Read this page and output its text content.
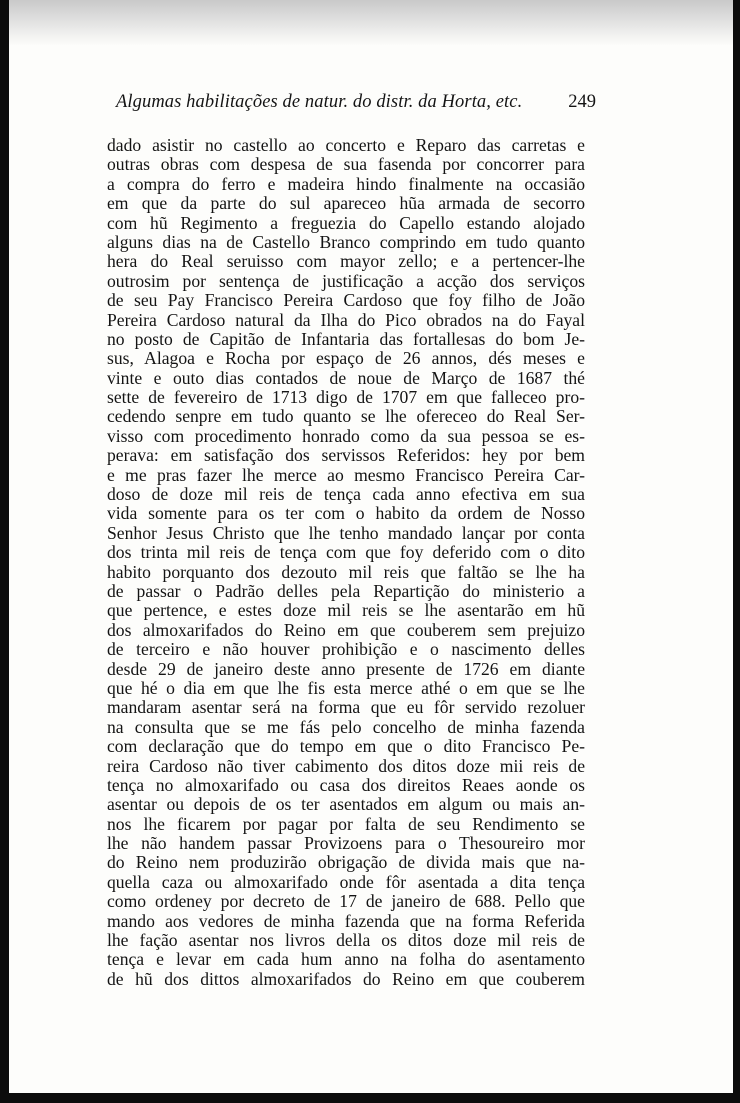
Algumas habilitações de natur. do distr. da Horta, etc. 249
dado asistir no castello ao concerto e Reparo das carretas e
outras obras com despesa de sua fasenda por concorrer para
a compra do ferro e madeira hindo finalmente na occasião
em que da parte do sul apareceo hũa armada de secorro
com hũ Regimento a freguezia do Capello estando alojado
alguns dias na de Castello Branco comprindo em tudo quanto
hera do Real seruisso com mayor zello; e a pertencer-lhe
outrosim por sentença de justificação a acção dos serviços
de seu Pay Francisco Pereira Cardoso que foy filho de João
Pereira Cardoso natural da Ilha do Pico obrados na do Fayal
no posto de Capitão de Infantaria das fortallesas do bom Je-
sus, Alagoa e Rocha por espaço de 26 annos, dés meses e
vinte e outo dias contados de noue de Março de 1687 thé
sette de fevereiro de 1713 digo de 1707 em que falleceo pro-
cedendo senpre em tudo quanto se lhe ofereceo do Real Ser-
visso com procedimento honrado como da sua pessoa se es-
perava: em satisfação dos servissos Referidos: hey por bem
e me pras fazer lhe merce ao mesmo Francisco Pereira Car-
doso de doze mil reis de tença cada anno efectiva em sua
vida somente para os ter com o habito da ordem de Nosso
Senhor Jesus Christo que lhe tenho mandado lançar por conta
dos trinta mil reis de tença com que foy deferido com o dito
habito porquanto dos dezouto mil reis que faltão se lhe ha
de passar o Padrão delles pela Repartição do ministerio a
que pertence, e estes doze mil reis se lhe asentarão em hũ
dos almoxarifados do Reino em que couberem sem prejuizo
de terceiro e não houver prohibição e o nascimento delles
desde 29 de janeiro deste anno presente de 1726 em diante
que hé o dia em que lhe fis esta merce athé o em que se lhe
mandaram asentar será na forma que eu fôr servido rezoluer
na consulta que se me fás pelo concelho de minha fazenda
com declaração que do tempo em que o dito Francisco Pe-
reira Cardoso não tiver cabimento dos ditos doze mii reis de
tença no almoxarifado ou casa dos direitos Reaes aonde os
asentar ou depois de os ter asentados em algum ou mais an-
nos lhe ficarem por pagar por falta de seu Rendimento se
lhe não handem passar Provizoens para o Thesoureiro mor
do Reino nem produzirão obrigação de divida mais que na-
quella caza ou almoxarifado onde fôr asentada a dita tença
como ordeney por decreto de 17 de janeiro de 688. Pello que
mando aos vedores de minha fazenda que na forma Referida
lhe fação asentar nos livros della os ditos doze mil reis de
tença e levar em cada hum anno na folha do asentamento
de hũ dos dittos almoxarifados do Reino em que couberem
